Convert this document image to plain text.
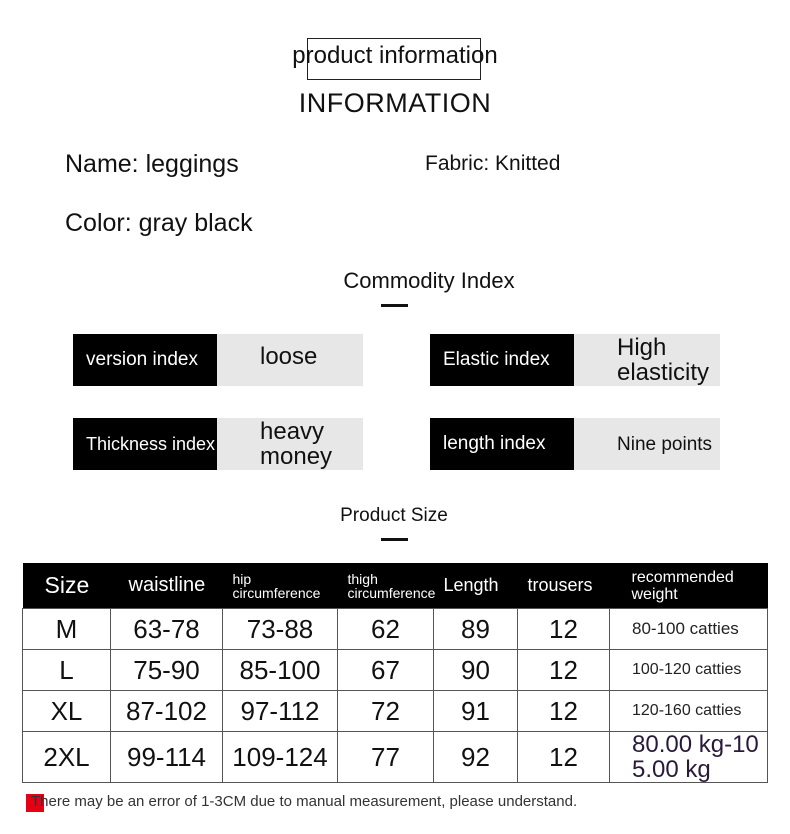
product information
INFORMATION
Name: leggings	Fabric: Knitted
Color: gray black
Commodity Index
version index	loose	Elastic index	High elasticity
Thickness index	heavy money	length index	Nine points
Product Size
Size	waistline	hip circumference	thigh circumference	Length	trousers	recommended weight
M	63-78	73-88	62	89	12	80-100 catties
L	75-90	85-100	67	90	12	100-120 catties
XL	87-102	97-112	72	91	12	120-160 catties
2XL	99-114	109-124	77	92	12	80.00 kg-105.00 kg
There may be an error of 1-3CM due to manual measurement, please understand.
